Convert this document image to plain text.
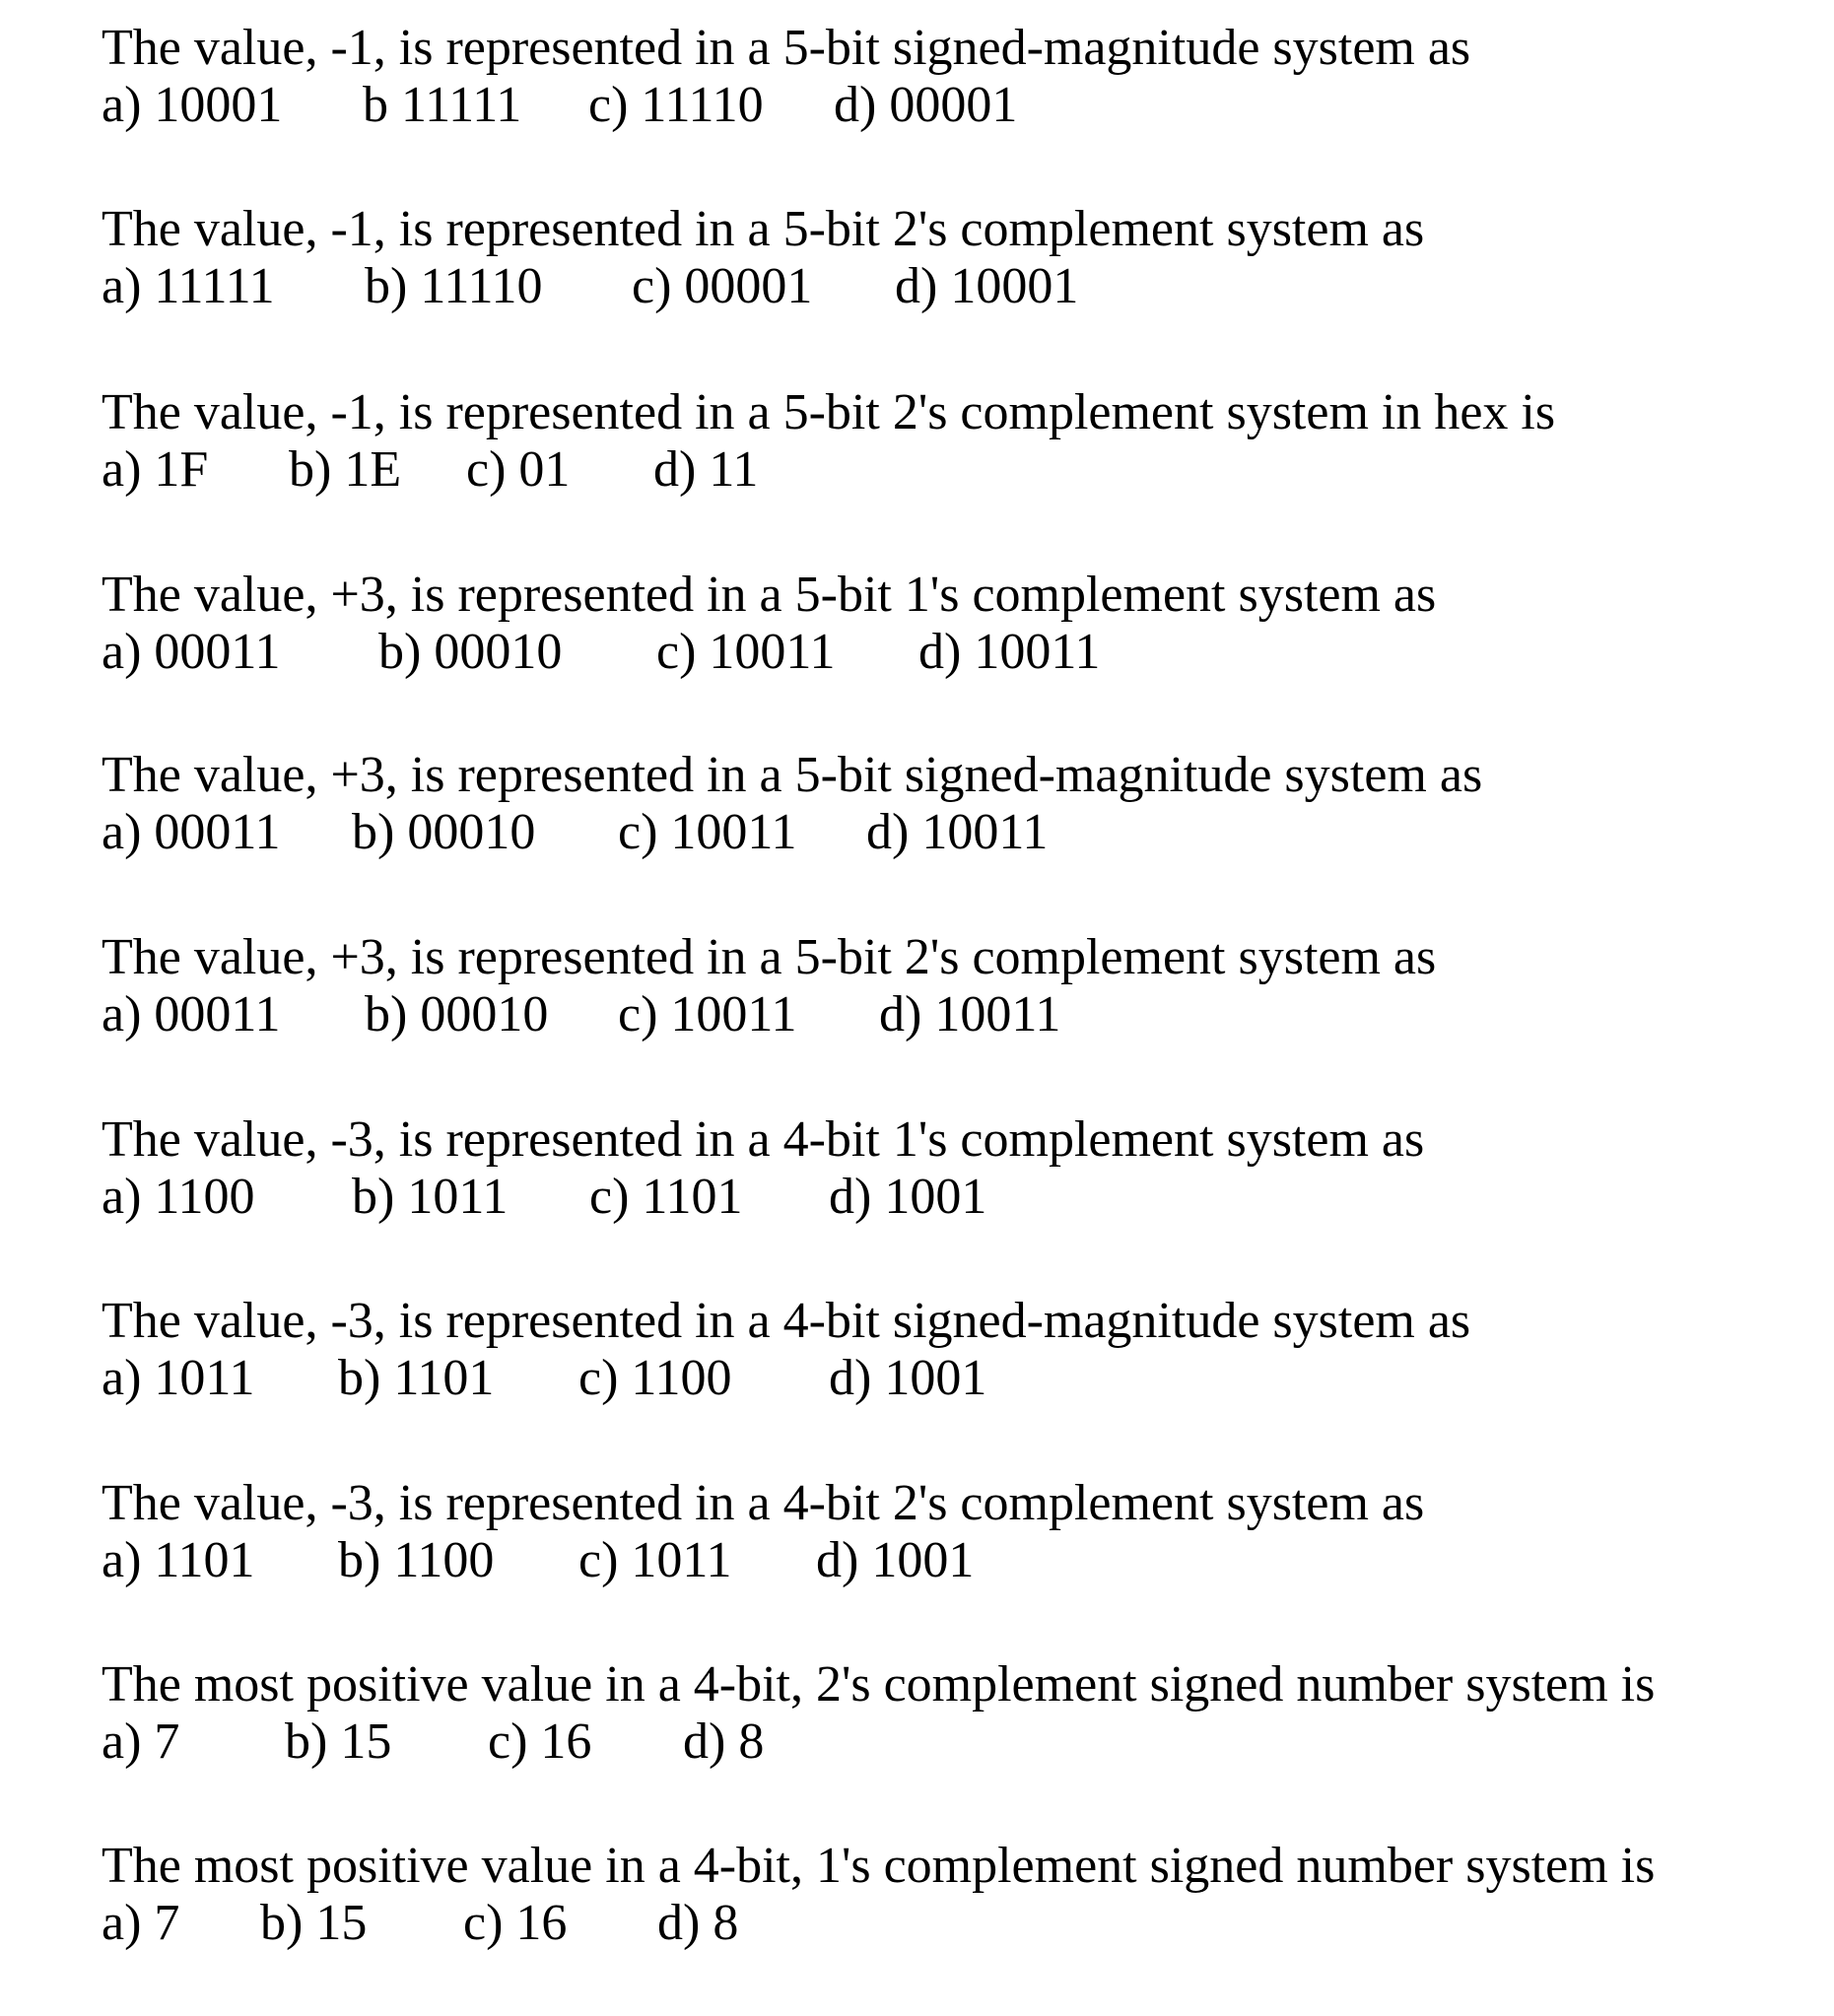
The value, -1, is represented in a 5-bit signed-magnitude system as
a) 10001 b 11111 c) 11110 d) 00001
The value, -1, is represented in a 5-bit 2's complement system as
a) 11111 b) 11110 c) 00001 d) 10001
The value, -1, is represented in a 5-bit 2's complement system in hex is
a) 1F b) 1E c) 01 d) 11
The value, +3, is represented in a 5-bit 1's complement system as
a) 00011 b) 00010 c) 10011 d) 10011
The value, +3, is represented in a 5-bit signed-magnitude system as
a) 00011 b) 00010 c) 10011 d) 10011
The value, +3, is represented in a 5-bit 2's complement system as
a) 00011 b) 00010 c) 10011 d) 10011
The value, -3, is represented in a 4-bit 1's complement system as
a) 1100 b) 1011 c) 1101 d) 1001
The value, -3, is represented in a 4-bit signed-magnitude system as
a) 1011 b) 1101 c) 1100 d) 1001
The value, -3, is represented in a 4-bit 2's complement system as
a) 1101 b) 1100 c) 1011 d) 1001
The most positive value in a 4-bit, 2's complement signed number system is
a) 7 b) 15 c) 16 d) 8
The most positive value in a 4-bit, 1's complement signed number system is
a) 7 b) 15 c) 16 d) 8
